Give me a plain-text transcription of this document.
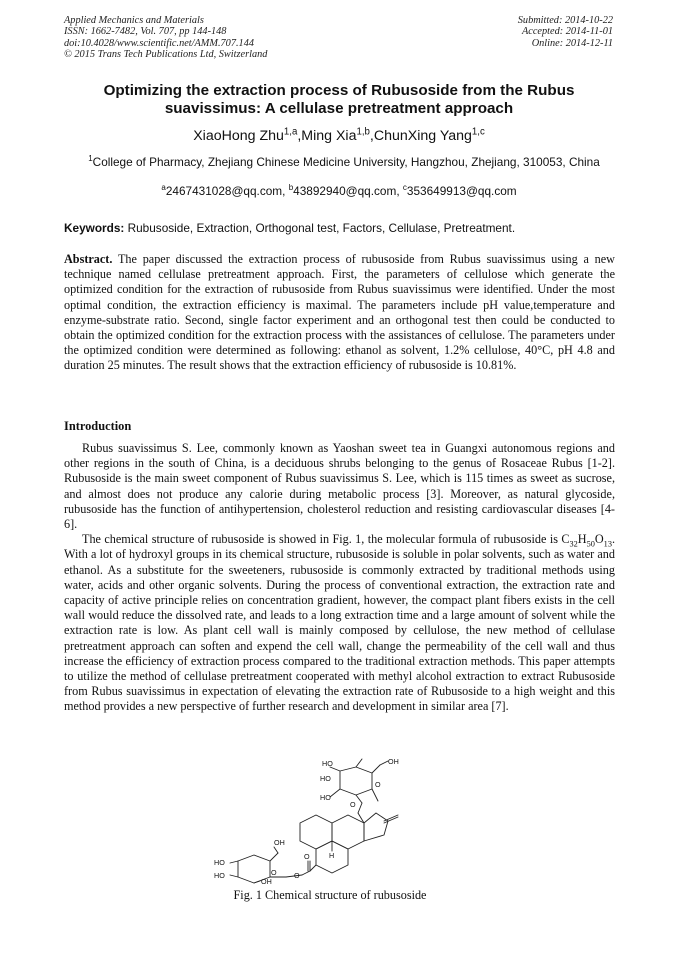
Applied Mechanics and Materials
ISSN: 1662-7482, Vol. 707, pp 144-148
doi:10.4028/www.scientific.net/AMM.707.144
© 2015 Trans Tech Publications Ltd, Switzerland
Submitted: 2014-10-22
Accepted: 2014-11-01
Online: 2014-12-11
Optimizing the extraction process of Rubusoside from the Rubus
suavissimus: A cellulase pretreatment approach
XiaoHong Zhu$^{1,a}$,Ming Xia$^{1,b}$,ChunXing Yang$^{1,c}$
$^1$College of Pharmacy, Zhejiang Chinese Medicine University, Hangzhou, Zhejiang, 310053, China
$^a$2467431028@qq.com, $^b$43892940@qq.com, $^c$353649913@qq.com
Keywords: Rubusoside, Extraction, Orthogonal test, Factors, Cellulase, Pretreatment.
Abstract. The paper discussed the extraction process of rubusoside from Rubus suavissimus using a new technique named cellulase pretreatment approach. First, the parameters of cellulose which generate the optimized condition for the extraction of rubusoside from Rubus suavissimus were identified. Under the most optimal condition, the extraction efficiency is maximal. The parameters include pH value,temperature and enzyme-substrate ratio. Second, single factor experiment and an orthogonal test then could be conducted to obtain the optimized condition for the extraction process with the assistances of cellulose. The parameters under the optimized condition were determined as following: ethanol as solvent, 1.2% cellulose, 40°C, pH 4.8 and duration 25 minutes. The result shows that the extraction efficiency of rubusoside is 10.81%.
Introduction

Rubus suavissimus S. Lee, commonly known as Yaoshan sweet tea in Guangxi autonomous regions and other regions in the south of China, is a deciduous shrubs belonging to the genus of Rosaceae Rubus [1-2]. Rubusoside is the main sweet component of Rubus suavissimus S. Lee, which is 115 times as sweet as sucrose, and almost does not produce any calorie during metabolic process [3]. Moreover, as natural glycoside, rubusoside has the function of antihypertension, cholesterol reduction and resisting cardiovascular diseases [4-6].

The chemical structure of rubusoside is showed in Fig. 1, the molecular formula of rubusoside is $C_{32}H_{50}O_{13}$. With a lot of hydroxyl groups in its chemical structure, rubusoside is soluble in polar solvents, such as water and ethanol. As a substitute for the sweeteners, rubusoside is commonly extracted by traditional methods using water, acids and other organic solvents. During the process of conventional extraction, the extraction rate and capacity of active principle relies on concentration gradient, however, the compact plant fibers exists in the cell wall would reduce the dissolved rate, and leads to a long extraction time and a large amount of solvent while the extraction rate is low. As plant cell wall is mainly composed by cellulose, the new method of cellulase pretreatment approach can soften and expend the cell wall, change the permeability of the cell wall and thus increase the efficiency of extraction process compared to the traditional extraction methods. This paper attempts to utilize the method of cellulase pretreatment cooperated with methyl alcohol extraction to extract Rubusoside from Rubus suavissimus in expectation of elevating the extraction rate of Rubusoside to a high weight and this method provides a new perspective of further research and development in similar area [7].

HO
HO
HO
OH
O
O
H
O
O
OH
HO
HO
OH
O
Fig. 1 Chemical structure of rubusoside
